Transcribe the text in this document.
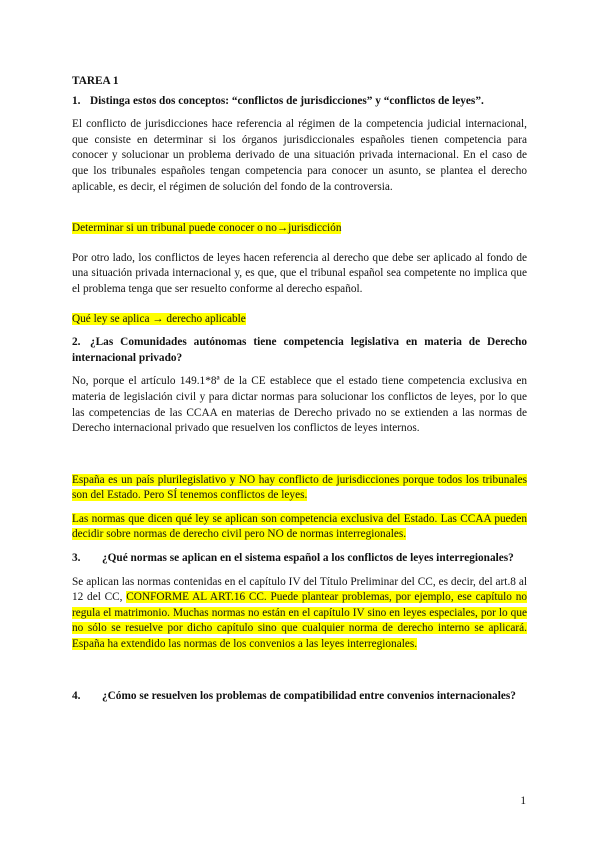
TAREA 1
1. Distinga estos dos conceptos: “conflictos de jurisdicciones” y “conflictos de leyes”.

El conflicto de jurisdicciones hace referencia al régimen de la competencia judicial internacional, que consiste en determinar si los órganos jurisdiccionales españoles tienen competencia para conocer y solucionar un problema derivado de una situación privada internacional. En el caso de que los tribunales españoles tengan competencia para conocer un asunto, se plantea el derecho aplicable, es decir, el régimen de solución del fondo de la controversia.

Determinar si un tribunal puede conocer o no→jurisdicción

Por otro lado, los conflictos de leyes hacen referencia al derecho que debe ser aplicado al fondo de una situación privada internacional y, es que, que el tribunal español sea competente no implica que el problema tenga que ser resuelto conforme al derecho español.

Qué ley se aplica → derecho aplicable

2. ¿Las Comunidades autónomas tiene competencia legislativa en materia de Derecho internacional privado?

No, porque el artículo 149.1*8ª de la CE establece que el estado tiene competencia exclusiva en materia de legislación civil y para dictar normas para solucionar los conflictos de leyes, por lo que las competencias de las CCAA en materias de Derecho privado no se extienden a las normas de Derecho internacional privado que resuelven los conflictos de leyes internos.

España es un país plurilegislativo y NO hay conflicto de jurisdicciones porque todos los tribunales son del Estado. Pero SÍ tenemos conflictos de leyes.

Las normas que dicen qué ley se aplican son competencia exclusiva del Estado. Las CCAA pueden decidir sobre normas de derecho civil pero NO de normas interregionales.

3. ¿Qué normas se aplican en el sistema español a los conflictos de leyes interregionales?

Se aplican las normas contenidas en el capítulo IV del Título Preliminar del CC, es decir, del art.8 al 12 del CC, CONFORME AL ART.16 CC. Puede plantear problemas, por ejemplo, ese capítulo no regula el matrimonio. Muchas normas no están en el capítulo IV sino en leyes especiales, por lo que no sólo se resuelve por dicho capítulo sino que cualquier norma de derecho interno se aplicará. España ha extendido las normas de los convenios a las leyes interregionales.

4. ¿Cómo se resuelven los problemas de compatibilidad entre convenios internacionales?
1
